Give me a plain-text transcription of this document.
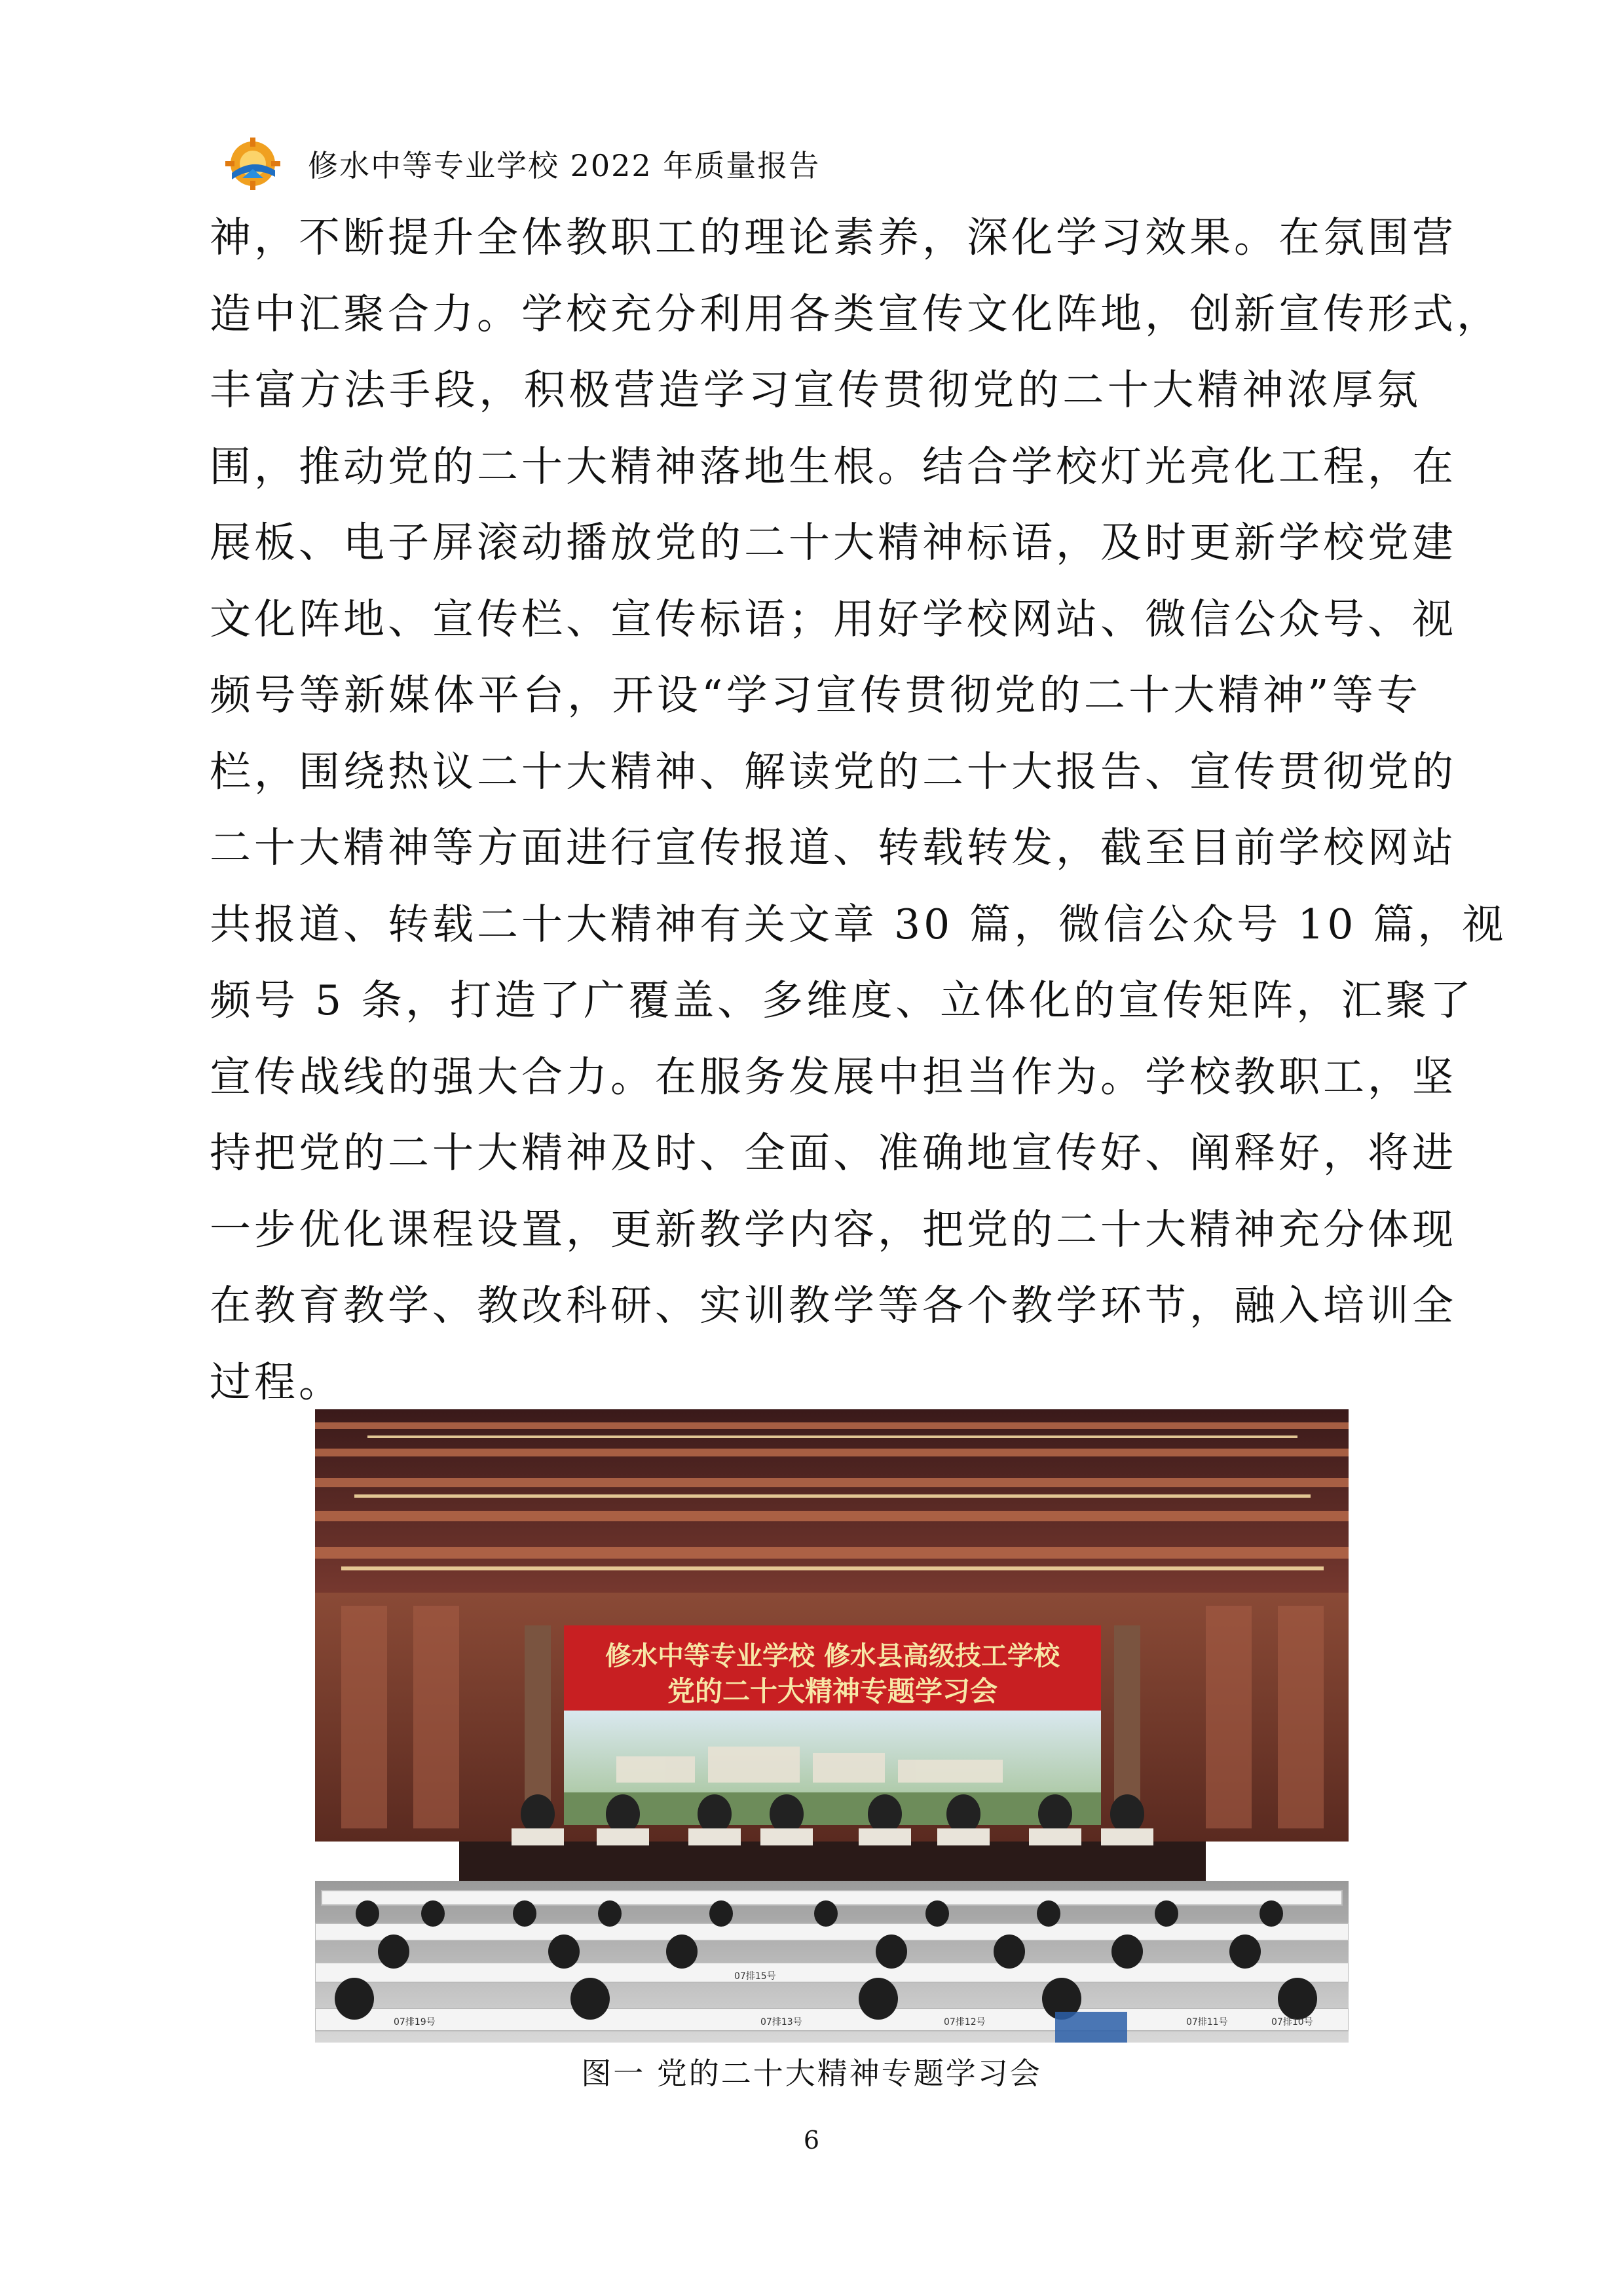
修水中等专业学校 2022 年质量报告
神，不断提升全体教职工的理论素养，深化学习效果。在氛围营
造中汇聚合力。学校充分利用各类宣传文化阵地，创新宣传形式，
丰富方法手段，积极营造学习宣传贯彻党的二十大精神浓厚氛
围，推动党的二十大精神落地生根。结合学校灯光亮化工程，在
展板、电子屏滚动播放党的二十大精神标语，及时更新学校党建
文化阵地、宣传栏、宣传标语；用好学校网站、微信公众号、视
频号等新媒体平台，开设“学习宣传贯彻党的二十大精神”等专
栏，围绕热议二十大精神、解读党的二十大报告、宣传贯彻党的
二十大精神等方面进行宣传报道、转载转发，截至目前学校网站
共报道、转载二十大精神有关文章 30 篇，微信公众号 10 篇，视
频号 5 条，打造了广覆盖、多维度、立体化的宣传矩阵，汇聚了
宣传战线的强大合力。在服务发展中担当作为。学校教职工，坚
持把党的二十大精神及时、全面、准确地宣传好、阐释好，将进
一步优化课程设置，更新教学内容，把党的二十大精神充分体现
在教育教学、教改科研、实训教学等各个教学环节，融入培训全
过程。
修水中等专业学校 修水县高级技工学校
党的二十大精神专题学习会
07排19号	07排12号	07排11号
07排15号
07排13号	07排10号
图一 党的二十大精神专题学习会
6
